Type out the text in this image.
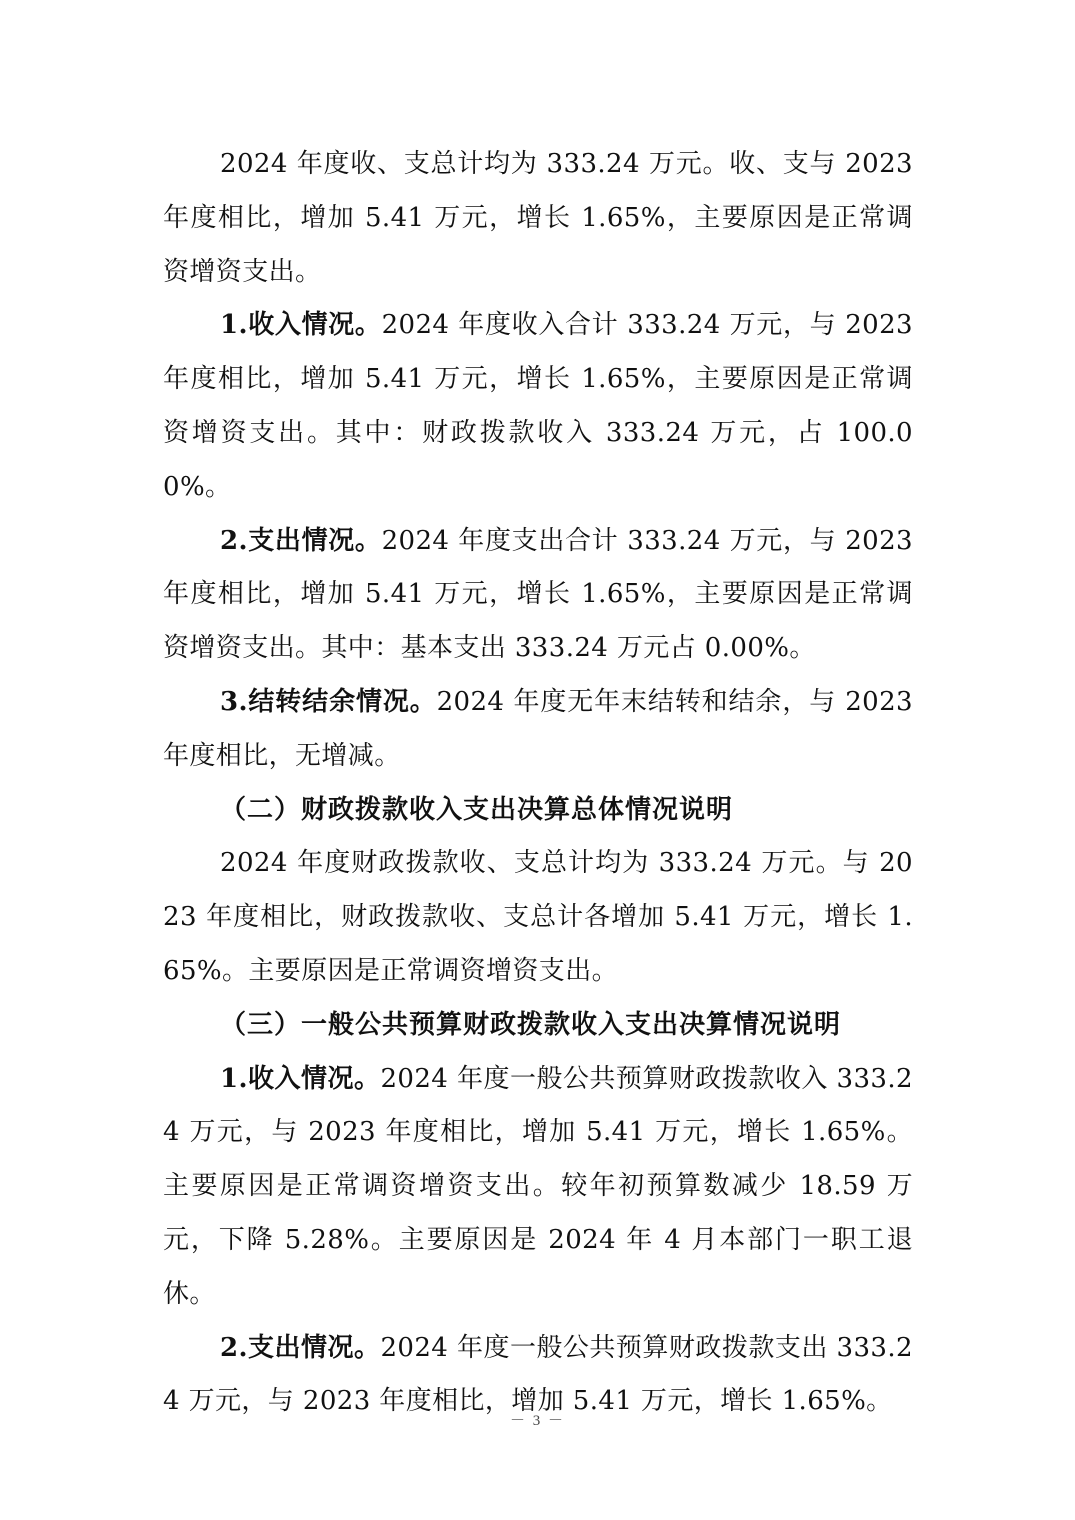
2024 年度收、支总计均为 333.24 万元。收、支与 2023 年度相比，增加 5.41 万元，增长 1.65%，主要原因是正常调资增资支出。

1.收入情况。2024 年度收入合计 333.24 万元，与 2023 年度相比，增加 5.41 万元，增长 1.65%，主要原因是正常调资增资支出。其中：财政拨款收入 333.24 万元，占 100.00%。

2.支出情况。2024 年度支出合计 333.24 万元，与 2023 年度相比，增加 5.41 万元，增长 1.65%，主要原因是正常调资增资支出。其中：基本支出 333.24 万元占 0.00%。

3.结转结余情况。2024 年度无年末结转和结余，与 2023 年度相比，无增减。

（二）财政拨款收入支出决算总体情况说明

2024 年度财政拨款收、支总计均为 333.24 万元。与 2023 年度相比，财政拨款收、支总计各增加 5.41 万元，增长 1.65%。主要原因是正常调资增资支出。

（三）一般公共预算财政拨款收入支出决算情况说明

1.收入情况。2024 年度一般公共预算财政拨款收入 333.24 万元，与 2023 年度相比，增加 5.41 万元，增长 1.65%。主要原因是正常调资增资支出。较年初预算数减少 18.59 万元，下降 5.28%。主要原因是 2024 年 4 月本部门一职工退休。

2.支出情况。2024 年度一般公共预算财政拨款支出 333.24 万元，与 2023 年度相比，增加 5.41 万元，增长 1.65%。

－ 3 －
